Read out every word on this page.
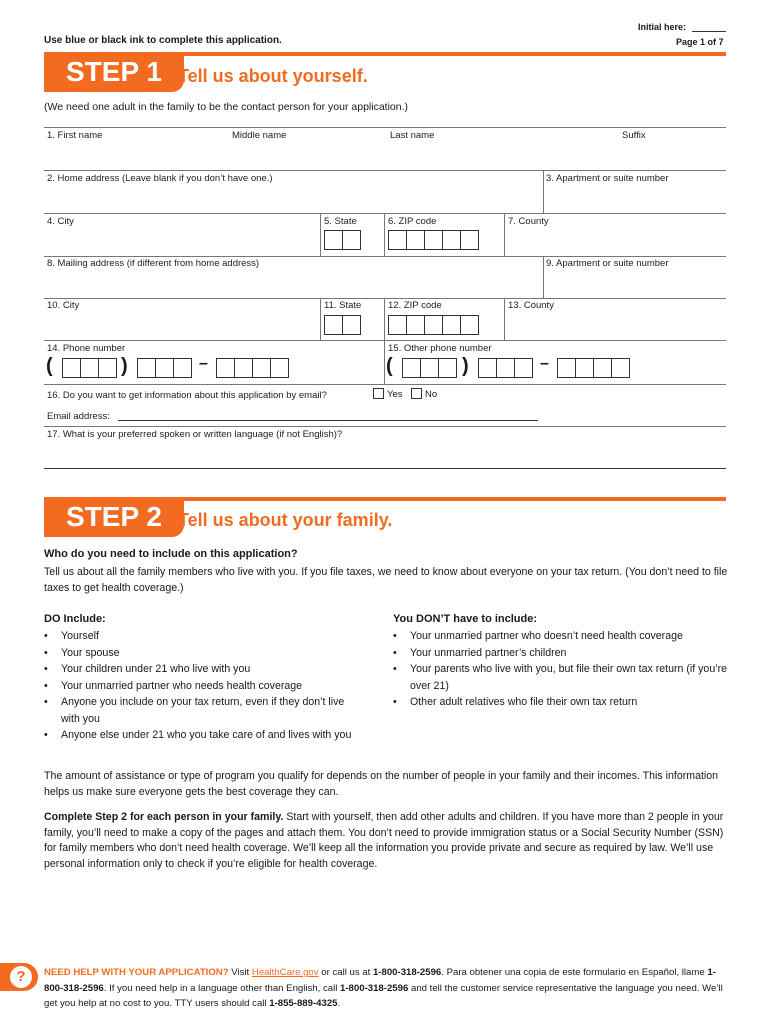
Use blue or black ink to complete this application.
Initial here:
Page 1 of 7
STEP 1 Tell us about yourself.
(We need one adult in the family to be the contact person for your application.)
1. First name	Middle name	Last name	Suffix
2. Home address (Leave blank if you don’t have one.)	3. Apartment or suite number
4. City	5. State	6. ZIP code	7. County
8. Mailing address (if different from home address)	9. Apartment or suite number
10. City	11. State	12. ZIP code	13. County
14. Phone number	15. Other phone number
(	)	–	(	)	–
16. Do you want to get information about this application by email?	Yes	No
Email address:
17. What is your preferred spoken or written language (if not English)?
STEP 2 Tell us about your family.
Who do you need to include on this application?
Tell us about all the family members who live with you. If you file taxes, we need to know about everyone on your tax return. (You don’t need to file taxes to get health coverage.)
DO Include:
• Yourself
• Your spouse
• Your children under 21 who live with you
• Your unmarried partner who needs health coverage
• Anyone you include on your tax return, even if they don’t live with you
• Anyone else under 21 who you take care of and lives with you
You DON’T have to include:
• Your unmarried partner who doesn’t need health coverage
• Your unmarried partner’s children
• Your parents who live with you, but file their own tax return (if you’re over 21)
• Other adult relatives who file their own tax return
The amount of assistance or type of program you qualify for depends on the number of people in your family and their incomes. This information helps us make sure everyone gets the best coverage they can.
Complete Step 2 for each person in your family. Start with yourself, then add other adults and children. If you have more than 2 people in your family, you’ll need to make a copy of the pages and attach them. You don’t need to provide immigration status or a Social Security Number (SSN) for family members who don’t need health coverage. We’ll keep all the information you provide private and secure as required by law. We’ll use personal information only to check if you’re eligible for health coverage.
?	NEED HELP WITH YOUR APPLICATION? Visit HealthCare.gov or call us at 1-800-318-2596. Para obtener una copia de este formulario en Español, llame 1-800-318-2596. If you need help in a language other than English, call 1-800-318-2596 and tell the customer service representative the language you need. We’ll get you help at no cost to you. TTY users should call 1-855-889-4325.
